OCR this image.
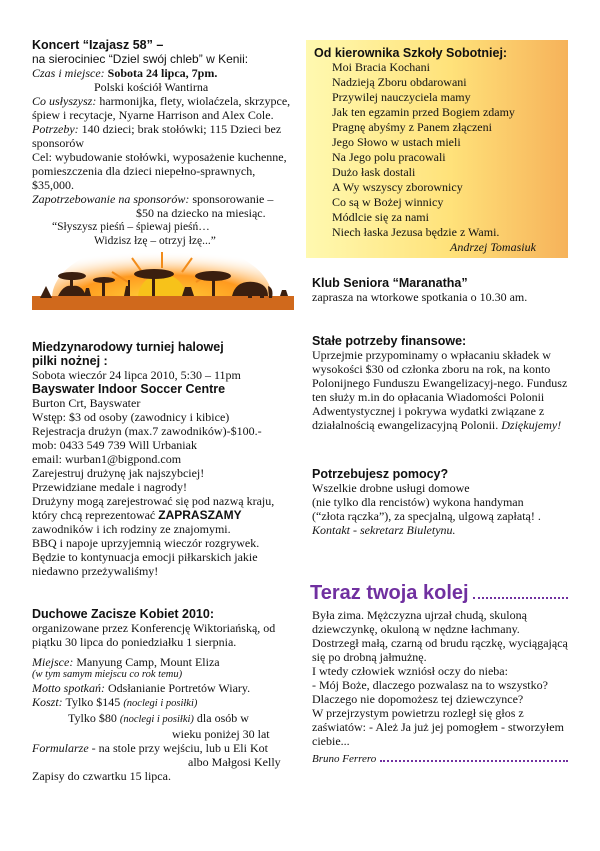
Koncert “Izajasz 58” –
na sierociniec “Dziel swój chleb” w Kenii:

Czas i miejsce: Sobota 24 lipca, 7pm.

Polski kościół Wantirna

Co usłyszysz: harmonijka, flety, wiolaćzela, skrzypce, śpiew i recytacje, Nyarne Harrison and Alex Cole.

Potrzeby: 140 dzieci; brak stołówki; 115 Dzieci bez sponsorów

Cel: wybudowanie stołówki, wyposażenie kuchenne, pomieszczenia dla dzieci niepełno-sprawnych, $35,000.

Zapotrzebowanie na sponsorów: sponsorowanie –

$50 na dziecko na miesiąc.

“Słyszysz pieśń – śpiewaj pieśń…

Widzisz łzę – otrzyj łzę...”

Miedzynarodowy turniej halowej
pilki nożnej :

Sobota wieczór 24 lipca 2010, 5:30 – 11pm

Bayswater Indoor Soccer Centre

Burton Crt, Bayswater

Wstęp: $3 od osoby (zawodnicy i kibice)

Rejestracja drużyn (max.7 zawodników)-$100.-

mob: 0433 549 739 Will Urbaniak

email: wurban1@bigpond.com

Zarejestruj drużynę jak najszybciej!

Przewidziane medale i nagrody!

Drużyny mogą zarejestrować się pod nazwą kraju, który chcą reprezentować ZAPRASZAMY zawodników i ich rodziny ze znajomymi.

BBQ i napoje uprzyjemnią wieczór rozgrywek. Będzie to kontynuacja emocji piłkarskich jakie niedawno przeżywaliśmy!

Duchowe Zacisze Kobiet 2010:

organizowane przez Konferencję Wiktoriańską, od piątku 30 lipca do poniedziałku 1 sierpnia.

Miejsce: Manyung Camp, Mount Eliza

(w tym samym miejscu co rok temu)

Motto spotkań: Odsłanianie Portretów Wiary.

Koszt: Tylko $145 (noclegi i posiłki)

Tylko $80 (noclegi i posiłki) dla osób w

wieku poniżej 30 lat

Formularze - na stole przy wejściu, lub u Eli Kot

albo Małgosi Kelly

Zapisy do czwartku 15 lipca.

Od kierownika Szkoły Sobotniej:
Moi Bracia Kochani
Nadzieją Zboru obdarowani
Przywilej nauczyciela mamy
Jak ten egzamin przed Bogiem zdamy
Pragnę abyśmy z Panem złączeni
Jego Słowo w ustach mieli
Na Jego polu pracowali
Dużo łask dostali
A Wy wszyscy zborownicy
Co są w Bożej winnicy
Módlcie się za nami
Niech łaska Jezusa będzie z Wami.
Andrzej Tomasiuk
Klub Seniora “Maranatha”

zaprasza na wtorkowe spotkania o 10.30 am.

Stałe potrzeby finansowe:

Uprzejmie przypominamy o wpłacaniu składek w wysokości $30 od członka zboru na rok, na konto Polonijnego Funduszu Ewangelizacyj-nego. Fundusz ten służy m.in do opłacania Wiadomości Polonii Adwentystycznej i pokrywa wydatki związane z działalnością ewangelizacyjną Polonii. Dziękujemy!

Potrzebujesz pomocy?

Wszelkie drobne usługi domowe

(nie tylko dla rencistów) wykona handyman

(“złota rączka”), za specjalną, ulgową zapłatą! .

Kontakt - sekretarz Biuletynu.

Teraz twoja kolej

Była zima. Mężczyzna ujrzał chudą, skuloną dziewczynkę, okuloną w nędzne łachmany. Dostrzegł małą, czarną od brudu rączkę, wyciągającą się po drobną jałmużnę.

I wtedy człowiek wzniósł oczy do nieba:

- Mój Boże, dlaczego pozwalasz na to wszystko? Dlaczego nie dopomożesz tej dziewczynce?

W przejrzystym powietrzu rozległ się głos z zaświatów: - Ależ Ja już jej pomogłem - stworzyłem ciebie...

Bruno Ferrero
